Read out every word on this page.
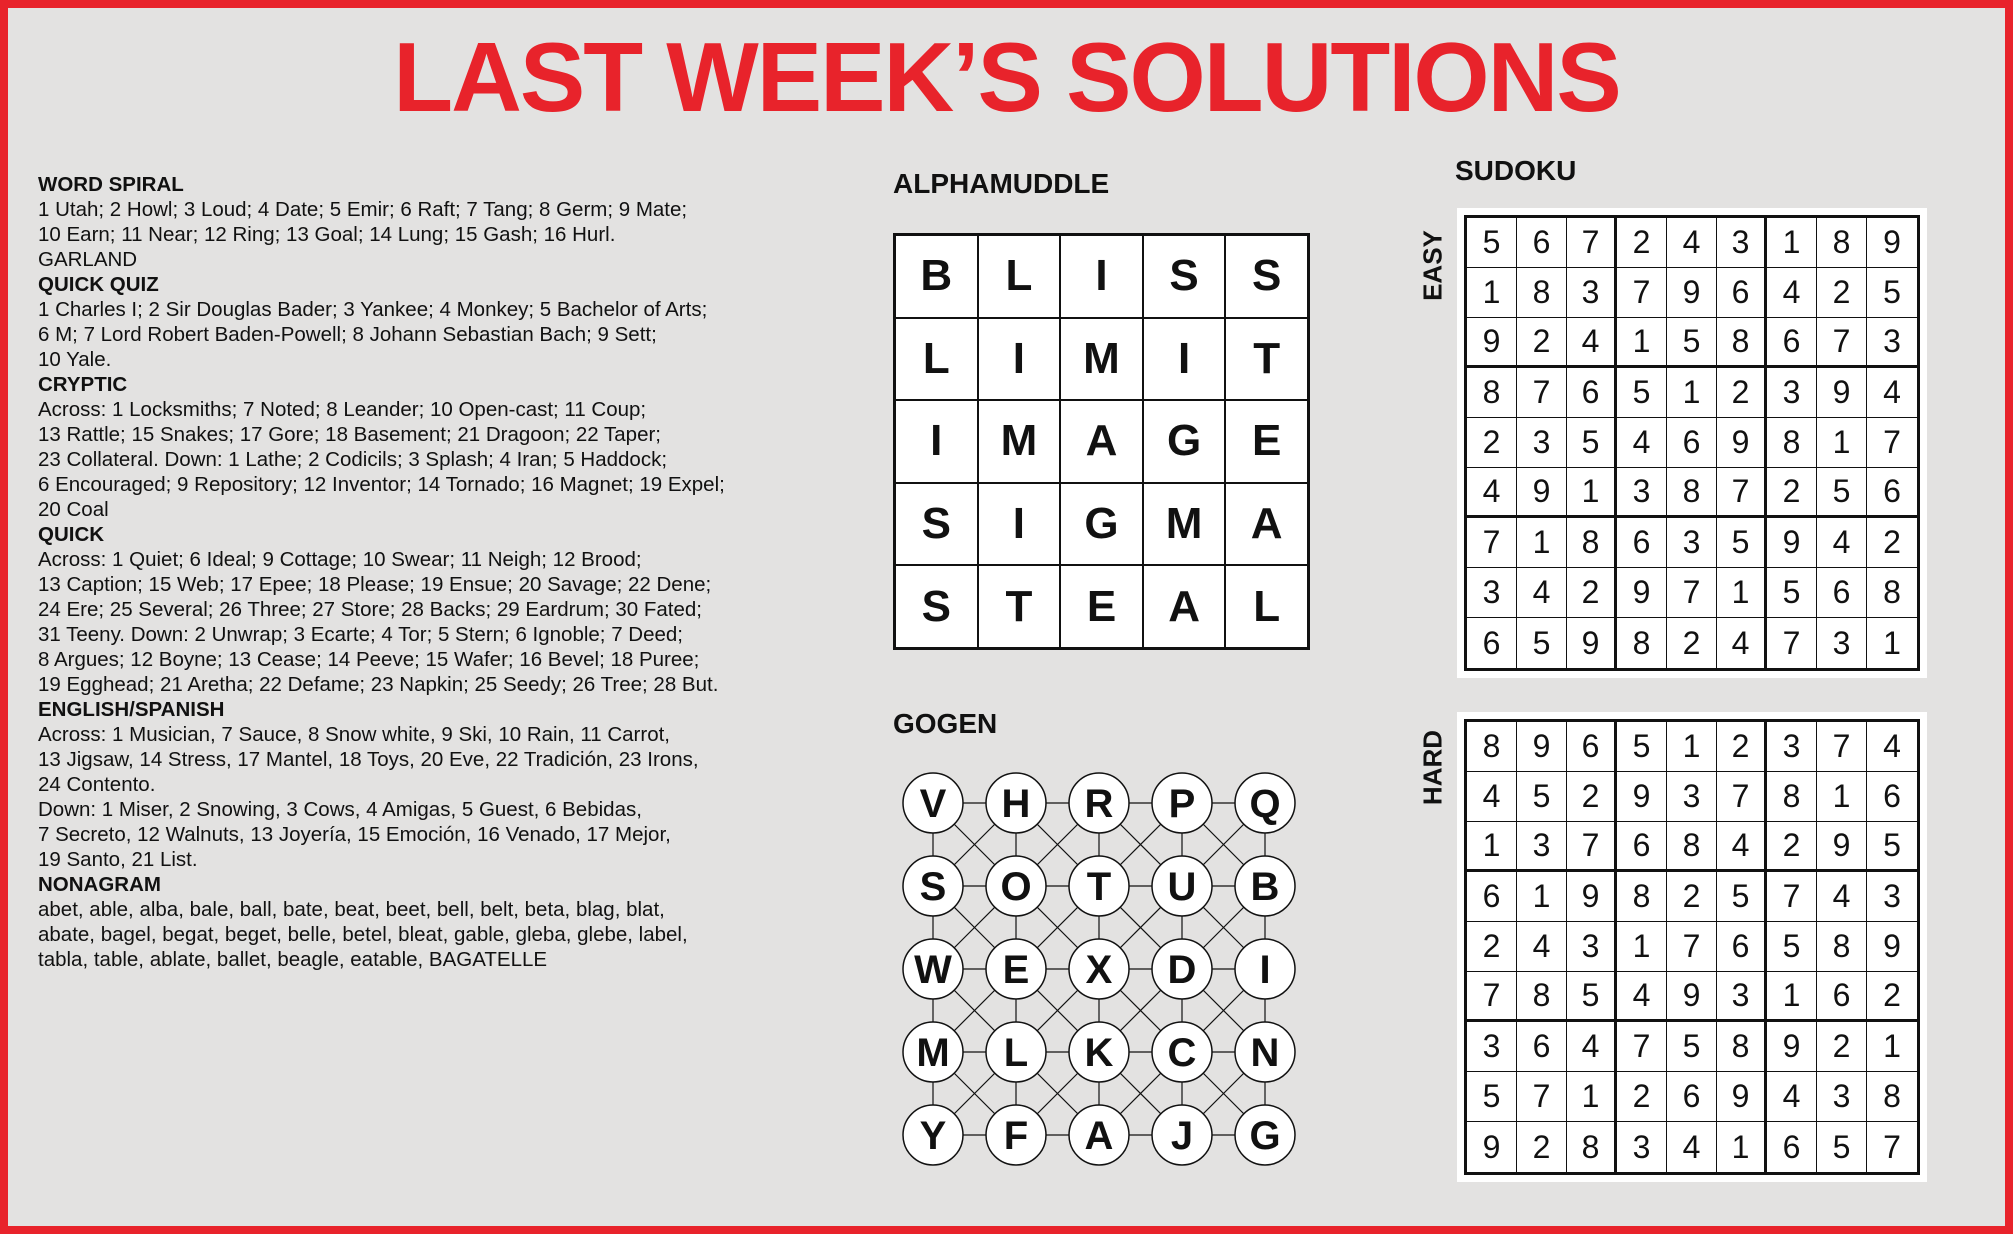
LAST WEEK’S SOLUTIONS
WORD SPIRAL
1 Utah; 2 Howl; 3 Loud; 4 Date; 5 Emir; 6 Raft; 7 Tang; 8 Germ; 9 Mate;
10 Earn; 11 Near; 12 Ring; 13 Goal; 14 Lung; 15 Gash; 16 Hurl.
GARLAND
QUICK QUIZ
1 Charles I; 2 Sir Douglas Bader; 3 Yankee; 4 Monkey; 5 Bachelor of Arts;
6 M; 7 Lord Robert Baden-Powell; 8 Johann Sebastian Bach; 9 Sett;
10 Yale.
CRYPTIC
Across: 1 Locksmiths; 7 Noted; 8 Leander; 10 Open-cast; 11 Coup;
13 Rattle; 15 Snakes; 17 Gore; 18 Basement; 21 Dragoon; 22 Taper;
23 Collateral. Down: 1 Lathe; 2 Codicils; 3 Splash; 4 Iran; 5 Haddock;
6 Encouraged; 9 Repository; 12 Inventor; 14 Tornado; 16 Magnet; 19 Expel;
20 Coal
QUICK
Across: 1 Quiet; 6 Ideal; 9 Cottage; 10 Swear; 11 Neigh; 12 Brood;
13 Caption; 15 Web; 17 Epee; 18 Please; 19 Ensue; 20 Savage; 22 Dene;
24 Ere; 25 Several; 26 Three; 27 Store; 28 Backs; 29 Eardrum; 30 Fated;
31 Teeny. Down: 2 Unwrap; 3 Ecarte; 4 Tor; 5 Stern; 6 Ignoble; 7 Deed;
8 Argues; 12 Boyne; 13 Cease; 14 Peeve; 15 Wafer; 16 Bevel; 18 Puree;
19 Egghead; 21 Aretha; 22 Defame; 23 Napkin; 25 Seedy; 26 Tree; 28 But.
ENGLISH/SPANISH
Across: 1 Musician, 7 Sauce, 8 Snow white, 9 Ski, 10 Rain, 11 Carrot,
13 Jigsaw, 14 Stress, 17 Mantel, 18 Toys, 20 Eve, 22 Tradición, 23 Irons,
24 Contento.
Down: 1 Miser, 2 Snowing, 3 Cows, 4 Amigas, 5 Guest, 6 Bebidas,
7 Secreto, 12 Walnuts, 13 Joyería, 15 Emoción, 16 Venado, 17 Mejor,
19 Santo, 21 List.
NONAGRAM
abet, able, alba, bale, ball, bate, beat, beet, bell, belt, beta, blag, blat,
abate, bagel, begat, beget, belle, betel, bleat, gable, gleba, glebe, label,
tabla, table, ablate, ballet, beagle, eatable, BAGATELLE
ALPHAMUDDLE
B	L	I	S	S
L	I	M	I	T
I	M	A	G	E
S	I	G	M	A
S	T	E	A	L
GOGEN
V H R P Q
S O T U B
W E X D I
M L K C N
Y F A J G
SUDOKU
EASY	5	6 7	2	4 3	1	8	9
1	8 3	7	9 6	4	2	5
9	2 4	1	5 8	6	7	3
8	7 6	5	1 2	3	9	4
2	3 5	4	6 9	8	1	7
4	9 1	3	8 7	2	5	6
7	1 8	6	3 5	9	4	2
3	4 2	9	7 1	5	6	8
6	5 9	8	2 4	7	3	1
HARD	8	9 6	5	1 2	3	7	4
4	5 2	9	3 7	8	1	6
1	3 7	6	8 4	2	9	5
6	1 9	8	2 5	7	4	3
2	4 3	1	7 6	5	8	9
7	8 5	4	9 3	1	6	2
3	6 4	7	5 8	9	2	1
5	7 1	2	6 9	4	3	8
9	2 8	3	4 1	6	5	7
